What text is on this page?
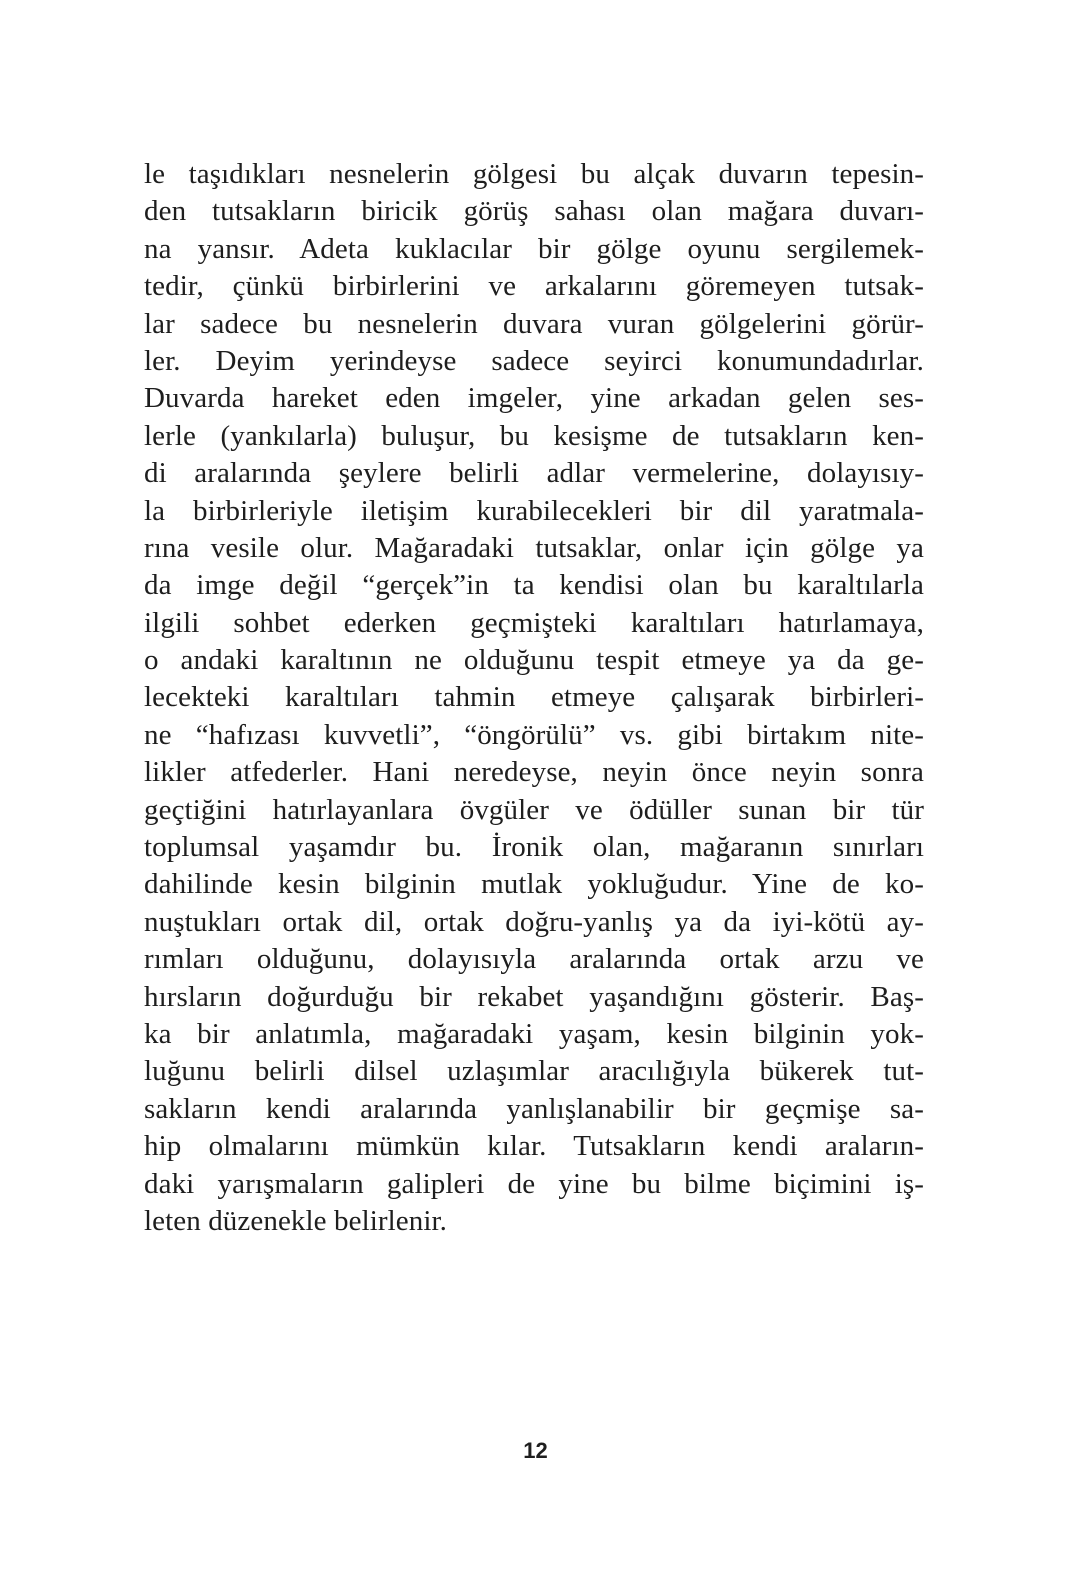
le taşıdıkları nesnelerin gölgesi bu alçak duvarın tepesin-
den tutsakların biricik görüş sahası olan mağara duvarı-
na yansır. Adeta kuklacılar bir gölge oyunu sergilemek-
tedir, çünkü birbirlerini ve arkalarını göremeyen tutsak-
lar sadece bu nesnelerin duvara vuran gölgelerini görür-
ler. Deyim yerindeyse sadece seyirci konumundadırlar.
Duvarda hareket eden imgeler, yine arkadan gelen ses-
lerle (yankılarla) buluşur, bu kesişme de tutsakların ken-
di aralarında şeylere belirli adlar vermelerine, dolayısıy-
la birbirleriyle iletişim kurabilecekleri bir dil yaratmala-
rına vesile olur. Mağaradaki tutsaklar, onlar için gölge ya
da imge değil “gerçek”in ta kendisi olan bu karaltılarla
ilgili sohbet ederken geçmişteki karaltıları hatırlamaya,
o andaki karaltının ne olduğunu tespit etmeye ya da ge-
lecekteki karaltıları tahmin etmeye çalışarak birbirleri-
ne “hafızası kuvvetli”, “öngörülü” vs. gibi birtakım nite-
likler atfederler. Hani neredeyse, neyin önce neyin sonra
geçtiğini hatırlayanlara övgüler ve ödüller sunan bir tür
toplumsal yaşamdır bu. İronik olan, mağaranın sınırları
dahilinde kesin bilginin mutlak yokluğudur. Yine de ko-
nuştukları ortak dil, ortak doğru-yanlış ya da iyi-kötü ay-
rımları olduğunu, dolayısıyla aralarında ortak arzu ve
hırsların doğurduğu bir rekabet yaşandığını gösterir. Baş-
ka bir anlatımla, mağaradaki yaşam, kesin bilginin yok-
luğunu belirli dilsel uzlaşımlar aracılığıyla bükerek tut-
sakların kendi aralarında yanlışlanabilir bir geçmişe sa-
hip olmalarını mümkün kılar. Tutsakların kendi araların-
daki yarışmaların galipleri de yine bu bilme biçimini iş-
leten düzenekle belirlenir.
12
